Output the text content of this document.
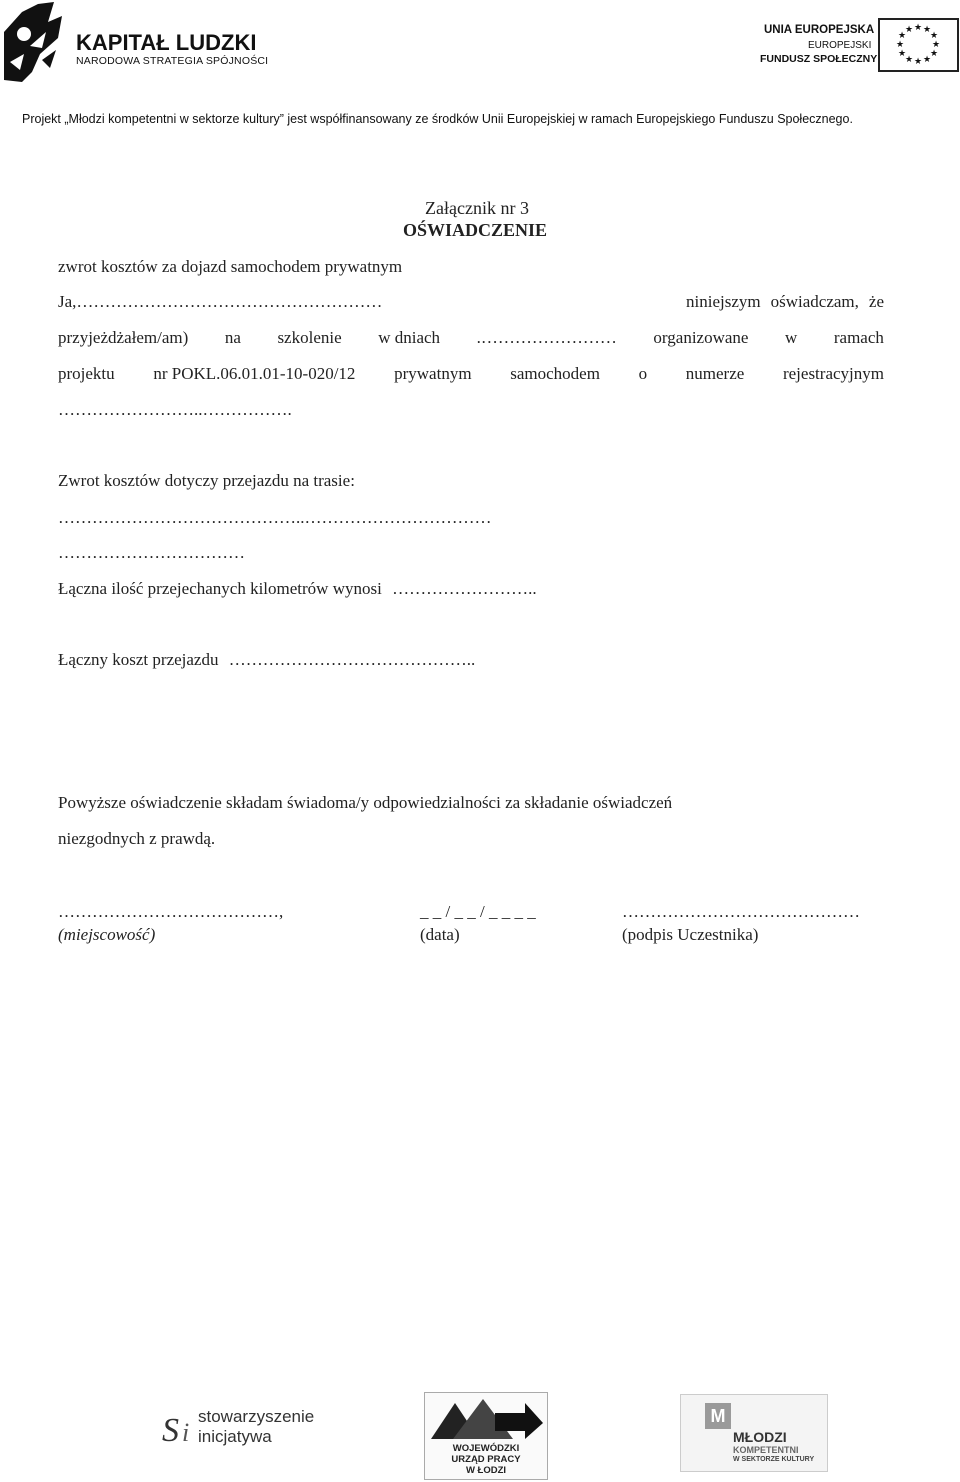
KAPITAŁ LUDZKI
NARODOWA STRATEGIA SPÓJNOŚCI
UNIA EUROPEJSKA
EUROPEJSKI
FUNDUSZ SPOŁECZNY
★ ★
★
★
★
★
★
★
★
★
★
★
Projekt „Młodzi kompetentni w sektorze kultury” jest współfinansowany ze środków Unii Europejskiej w ramach Europejskiego Funduszu Społecznego.
Załącznik nr 3
OŚWIADCZENIE
zwrot kosztów za dojazd samochodem prywatnym
Ja,………………………………………………	niniejszym oświadczam, że
przyjeżdżałem/am) na szkolenie w dniach .…………………… organizowane w ramach
projektu nr POKL.06.01.01-10-020/12 prywatnym samochodem o numerze rejestracyjnym
……………………..…………….
Zwrot kosztów dotyczy przejazdu na trasie:
……………………………………..……………………………
……………………………
Łączna ilość przejechanych kilometrów wynosi ……………………..
Łączny koszt przejazdu ……………………………………..
Powyższe oświadczenie składam świadoma/y odpowiedzialności za składanie oświadczeń
niezgodnych z prawdą.
…………………………………,	_ _ / _ _ / _ _ _ _	……………………………………
(miejscowość)	(data)	(podpis Uczestnika)
S i
stowarzyszenie
inicjatywa
WOJEWÓDZKI
URZĄD PRACY
W ŁODZI
M
MŁODZI
KOMPETENTNI
W SEKTORZE KULTURY
